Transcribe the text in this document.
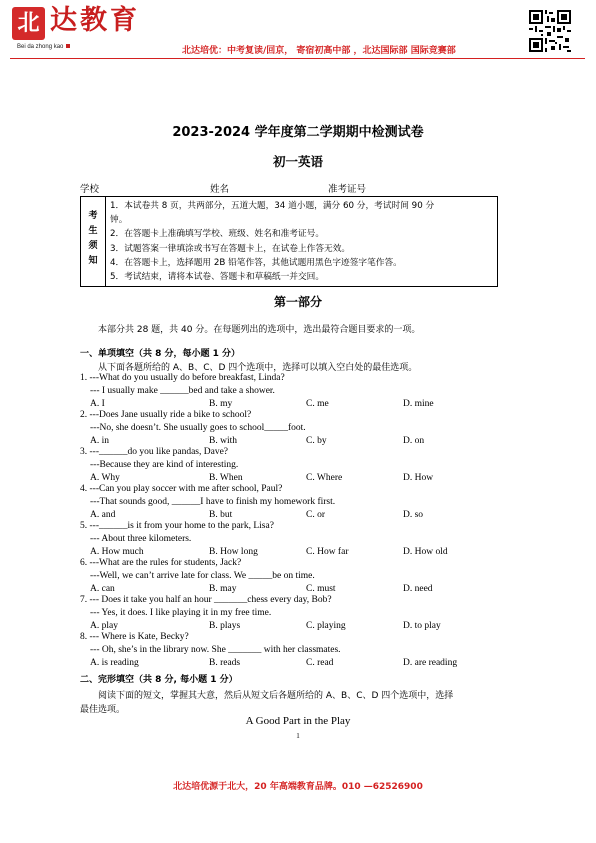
北 达教育
Bei da zhong kao	北达培优：中考复读/回京， 寄宿初高中部 ，北达国际部 国际竞赛部
2023-2024 学年度第二学期期中检测试卷
初一英语
学校	姓名	准考证号
考
生
须
知

1．本试卷共 8 页，共两部分，五道大题，34 道小题，满分 60 分，考试时间 90 分
钟。
2．在答题卡上准确填写学校、班级、姓名和准考证号。
3．试题答案一律填涂或书写在答题卡上，在试卷上作答无效。
4．在答题卡上，选择题用 2B 铅笔作答，其他试题用黑色字迹签字笔作答。
5．考试结束，请将本试卷、答题卡和草稿纸一并交回。
第一部分
本部分共 28 题，共 40 分。在每题列出的选项中，选出最符合题目要求的一项。
一、单项填空（共 8 分，每小题 1 分）
从下面各题所给的 A、B、C、D 四个选项中，选择可以填入空白处的最佳选项。
1. ---What do you usually do before breakfast, Linda?
--- I usually make ______bed and take a shower.
A. I	B. my	C. me	D. mine
2. ---Does Jane usually ride a bike to school?
---No, she doesn’t. She usually goes to school_____foot.
A. in	B. with	C. by	D. on
3. ---______do you like pandas, Dave?
---Because they are kind of interesting.
A. Why	B. When	C. Where	D. How
4. ---Can you play soccer with me after school, Paul?
---That sounds good, ______I have to finish my homework first.
A. and	B. but	C. or	D. so
5. ---______is it from your home to the park, Lisa?
--- About three kilometers.
A. How much	B. How long	C. How far	D. How old
6. ---What are the rules for students, Jack?
---Well, we can’t arrive late for class. We _____be on time.
A. can	B. may	C. must	D. need
7. --- Does it take you half an hour _______chess every day, Bob?
--- Yes, it does. I like playing it in my free time.
A. play	B. plays	C. playing	D. to play
8. --- Where is Kate, Becky?
--- Oh, she’s in the library now. She _______ with her classmates.
A. is reading	B. reads	C. read	D. are reading
二、完形填空（共 8 分, 每小题 1 分）
阅读下面的短文，掌握其大意，然后从短文后各题所给的 A、B、C、D 四个选项中，选择
最佳选项。
A Good Part in the Play
1
北达培优源于北大，20 年高端教育品牌。010 —62526900
